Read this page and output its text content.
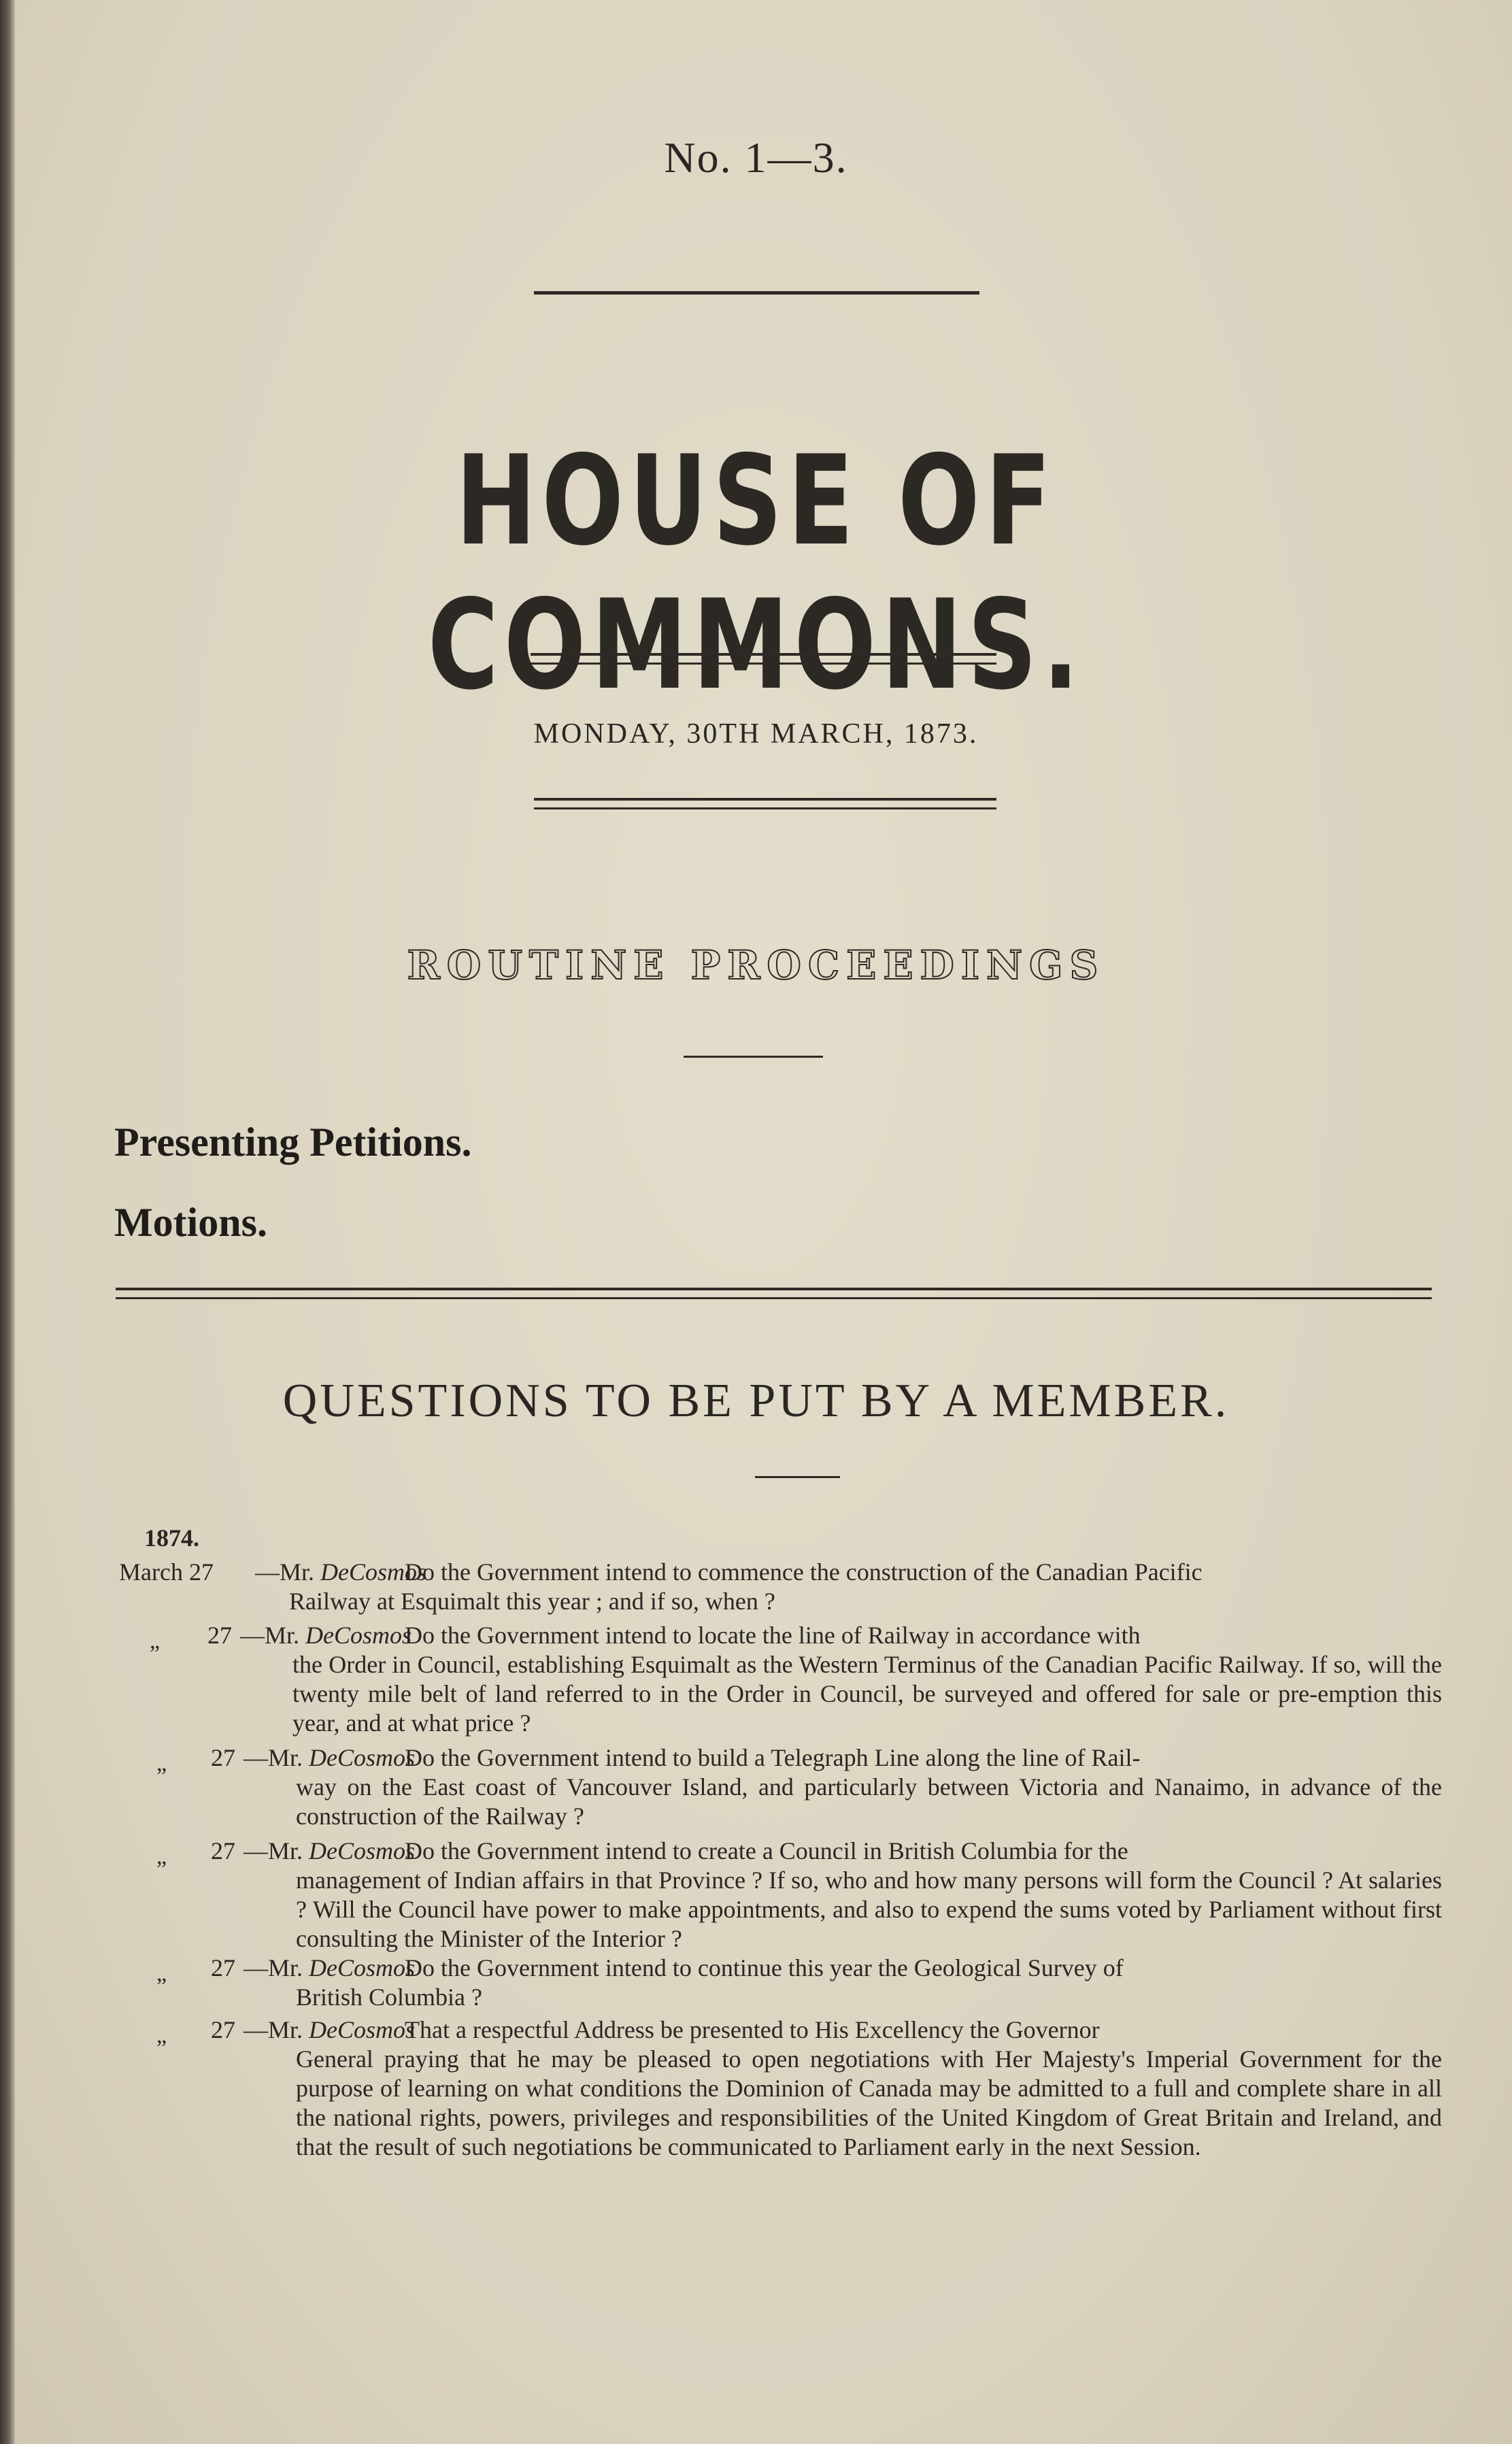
No. 1—3.
HOUSE OF COMMONS.
MONDAY, 30TH MARCH, 1873.
ROUTINE PROCEEDINGS
Presenting Petitions.
Motions.
QUESTIONS TO BE PUT BY A MEMBER.
1874.
March 27 —Mr. DeCosmos
Do the Government intend to commence the construction of the Canadian Pacific
Railway at Esquimalt this year ; and if so, when ?
„ 27 —Mr. DeCosmos
Do the Government intend to locate the line of Railway in accordance with
the Order in Council, establishing Esquimalt as the Western Terminus of the Canadian Pacific Railway. If so, will the twenty mile belt of land referred to in the Order in Council, be surveyed and offered for sale or pre-emption this year, and at what price ?
„ 27 —Mr. DeCosmos
Do the Government intend to build a Telegraph Line along the line of Rail-
way on the East coast of Vancouver Island, and particularly between Victoria and Nanaimo, in advance of the construction of the Railway ?
„ 27 —Mr. DeCosmos
Do the Government intend to create a Council in British Columbia for the
management of Indian affairs in that Province ? If so, who and how many persons will form the Council ? At salaries ? Will the Council have power to make appointments, and also to expend the sums voted by Parliament without first consulting the Minister of the Interior ?
„ 27 —Mr. DeCosmos
Do the Government intend to continue this year the Geological Survey of
British Columbia ?
„ 27 —Mr. DeCosmos
That a respectful Address be presented to His Excellency the Governor
General praying that he may be pleased to open negotiations with Her Majesty's Imperial Government for the purpose of learning on what conditions the Dominion of Canada may be admitted to a full and complete share in all the national rights, powers, privileges and responsibilities of the United Kingdom of Great Britain and Ireland, and that the result of such negotiations be communicated to Parliament early in the next Session.
